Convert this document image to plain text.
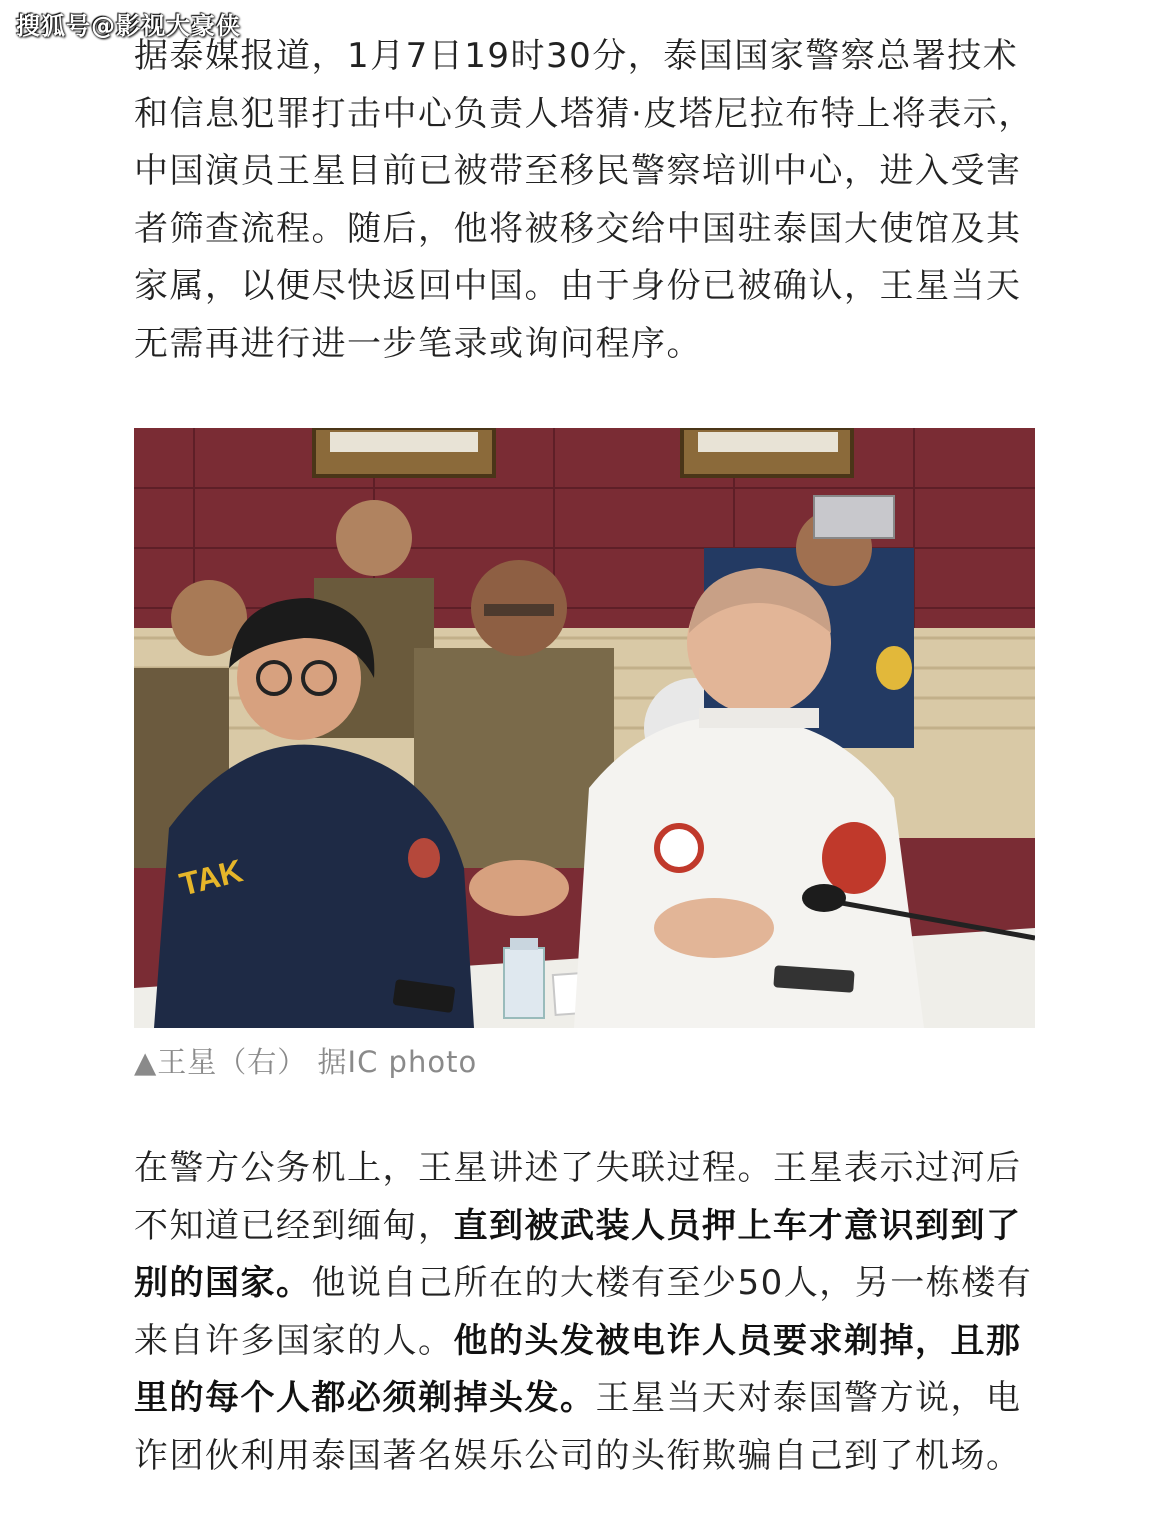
搜狐号@影视大豪侠

据泰媒报道，1月7日19时30分，泰国国家警察总署技术和信息犯罪打击中心负责人塔猜·皮塔尼拉布特上将表示，中国演员王星目前已被带至移民警察培训中心，进入受害者筛查流程。随后，他将被移交给中国驻泰国大使馆及其家属，以便尽快返回中国。由于身份已被确认，王星当天无需再进行进一步笔录或询问程序。

TAK
▲王星（右） 据IC photo

在警方公务机上，王星讲述了失联过程。王星表示过河后不知道已经到缅甸，直到被武装人员押上车才意识到到了别的国家。他说自己所在的大楼有至少50人，另一栋楼有来自许多国家的人。他的头发被电诈人员要求剃掉，且那里的每个人都必须剃掉头发。王星当天对泰国警方说，电诈团伙利用泰国著名娱乐公司的头衔欺骗自己到了机场。
